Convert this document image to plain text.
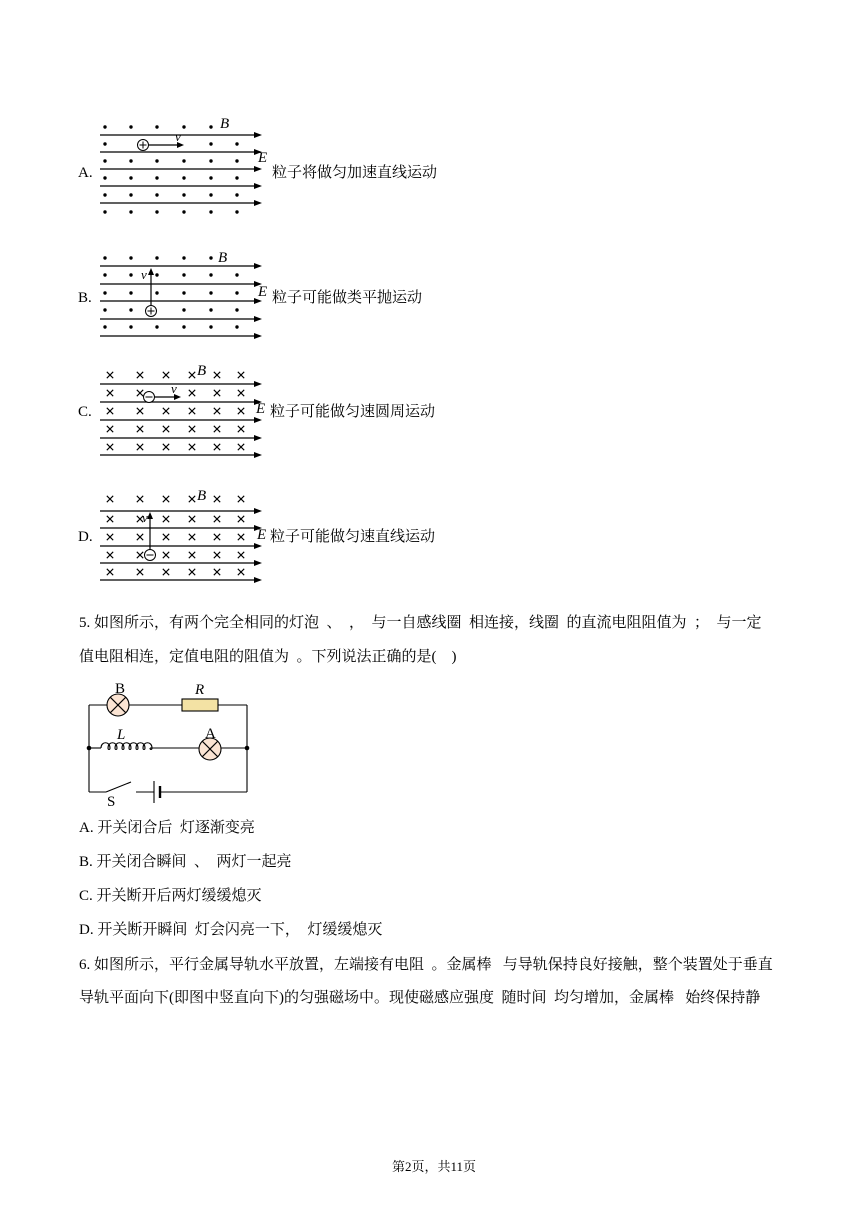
A.
B
E
v
粒子将做匀加速直线运动
B.
B
E
v
粒子可能做类平抛运动
C.
B
E
v
粒子可能做匀速圆周运动
D.
B
E
v
粒子可能做匀速直线运动
5. 如图所示，有两个完全相同的灯泡  、  ，  与一自感线圈  相连接，线圈  的直流电阻阻值为  ；  与一定
值电阻相连，定值电阻的阻值为  。下列说法正确的是(    )
B	R
L	A
S
A. 开关闭合后  灯逐渐变亮
B. 开关闭合瞬间  、  两灯一起亮
C. 开关断开后两灯缓缓熄灭
D. 开关断开瞬间  灯会闪亮一下，  灯缓缓熄灭
6. 如图所示，平行金属导轨水平放置，左端接有电阻  。金属棒   与导轨保持良好接触，整个装置处于垂直
导轨平面向下(即图中竖直向下)的匀强磁场中。现使磁感应强度  随时间  均匀增加，金属棒   始终保持静
第2页，共11页
